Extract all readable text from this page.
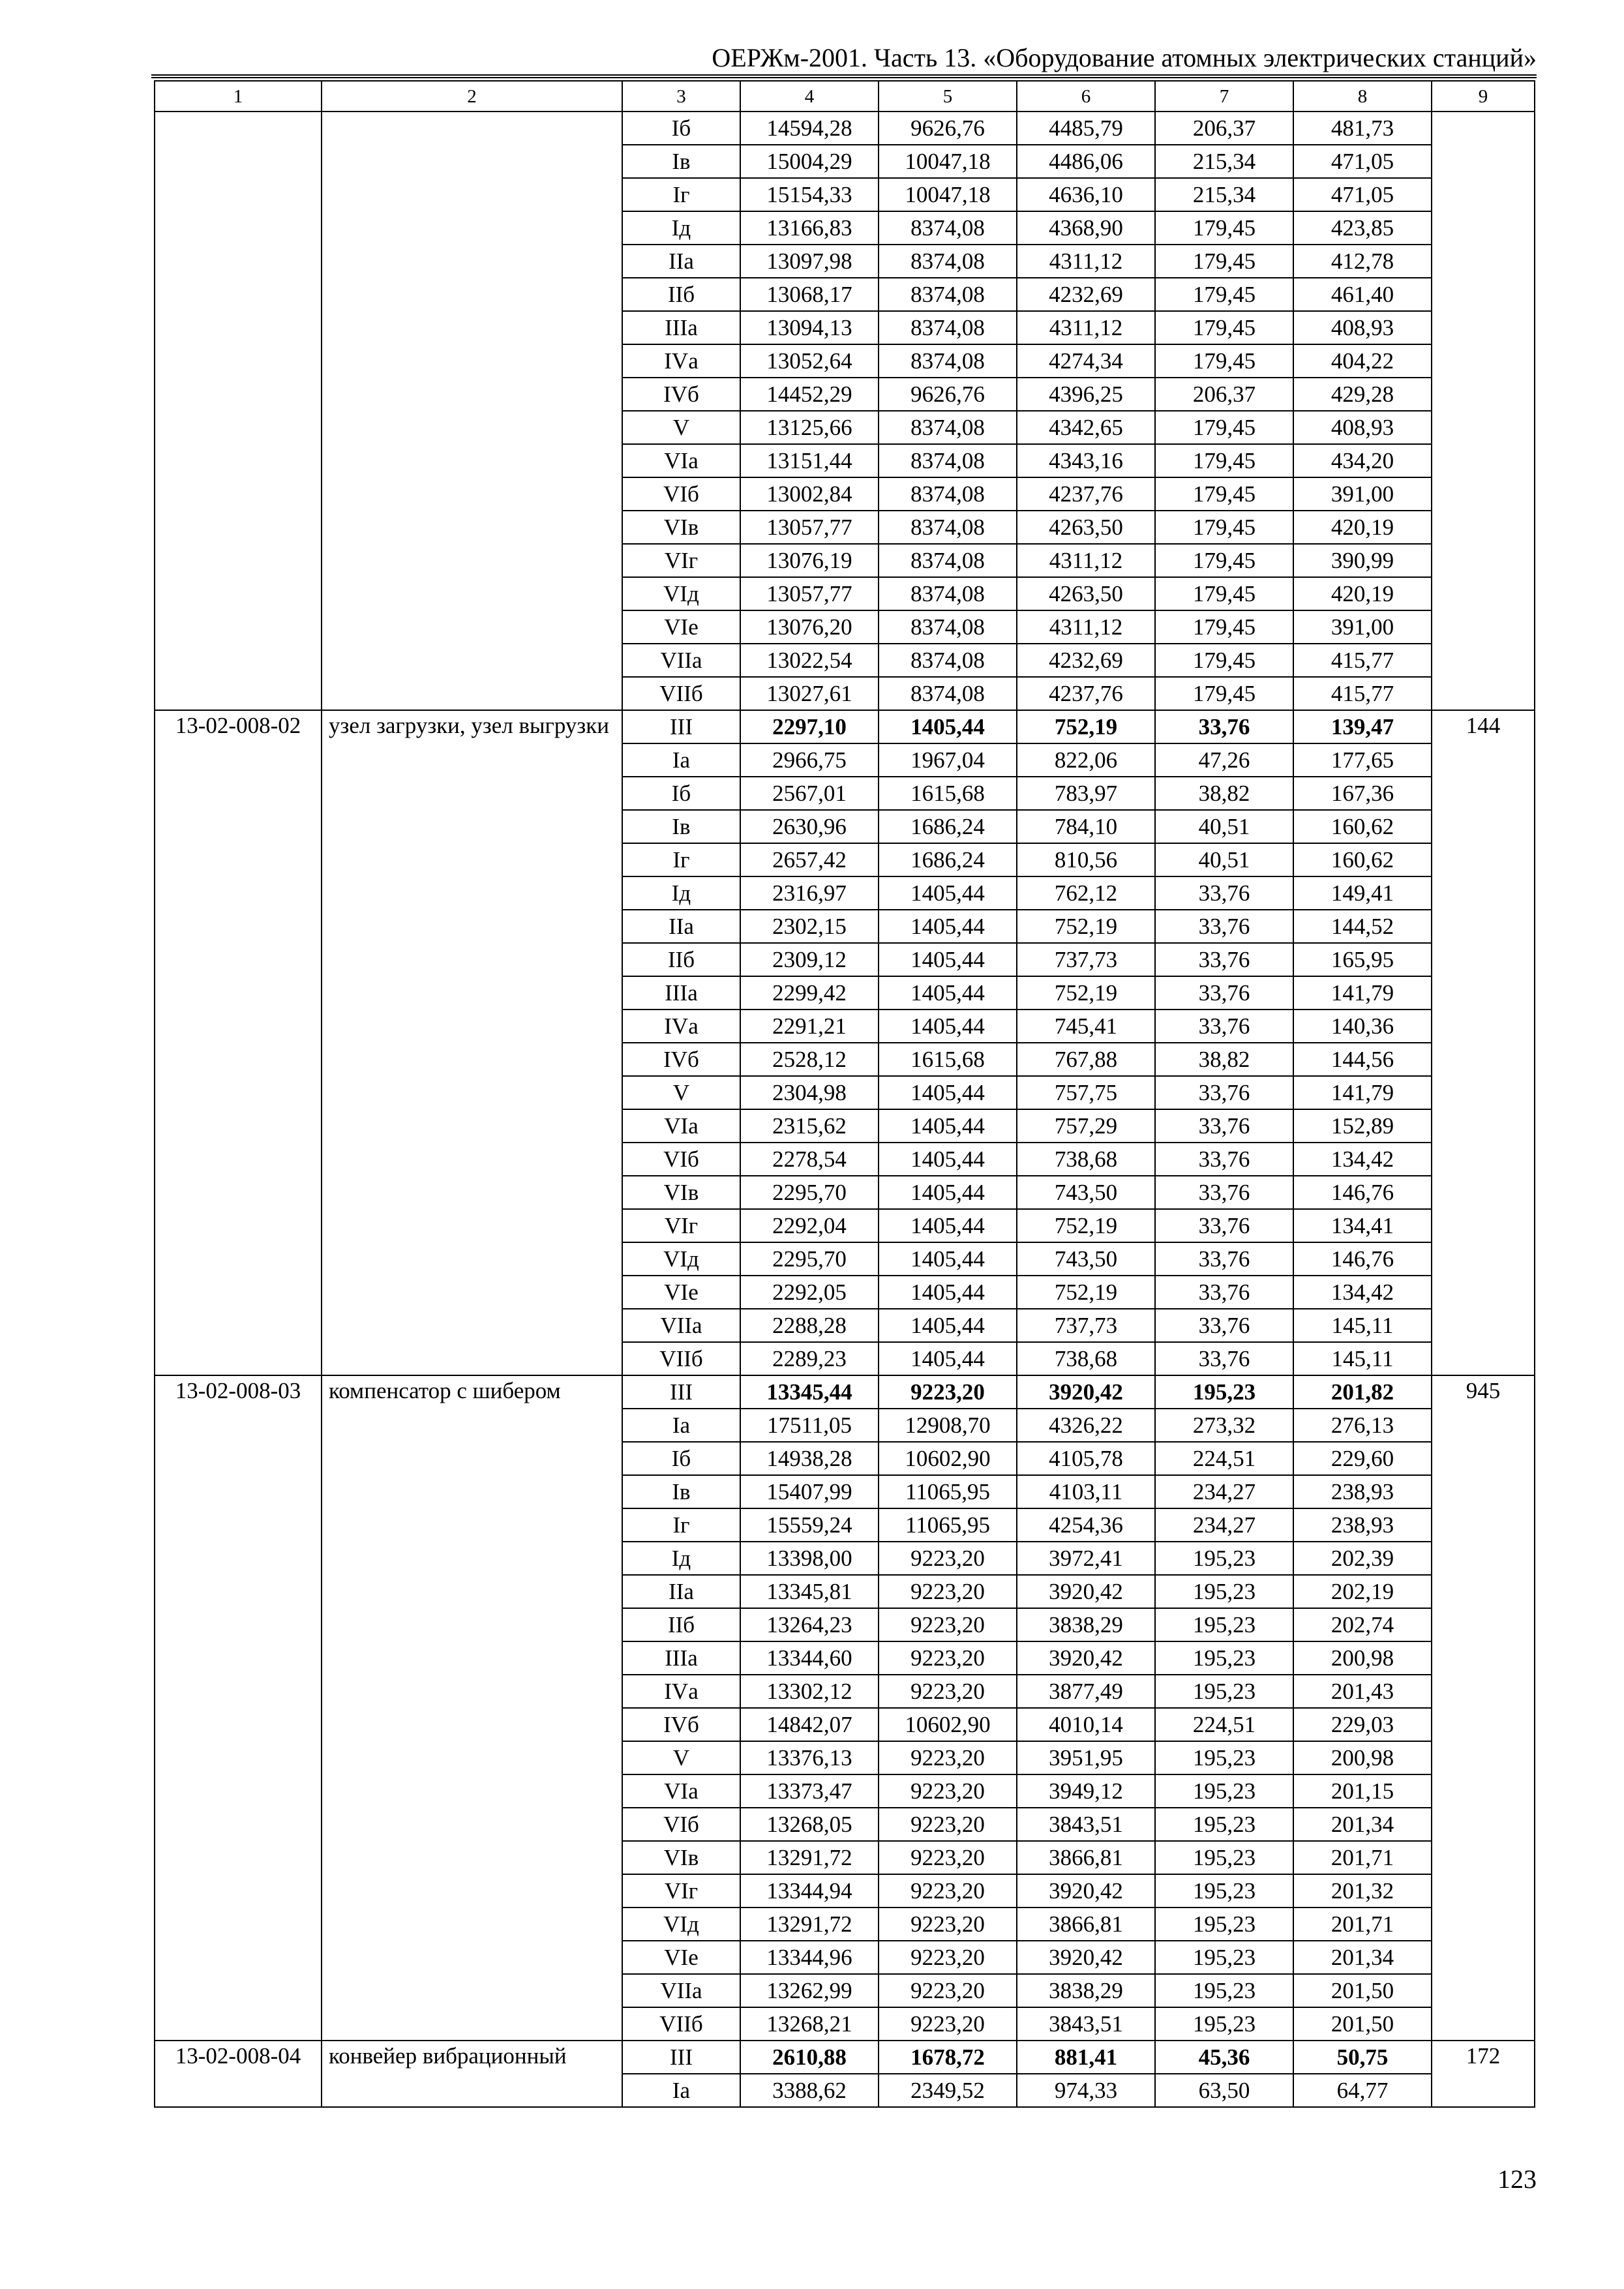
ОЕРЖм-2001. Часть 13. «Оборудование атомных электрических станций»
1	2	3	4	5	6	7	8	9
		Iб	14594,28	9626,76	4485,79	206,37	481,73	
		Iв	15004,29	10047,18	4486,06	215,34	471,05	
		Iг	15154,33	10047,18	4636,10	215,34	471,05	
		Iд	13166,83	8374,08	4368,90	179,45	423,85	
		IIа	13097,98	8374,08	4311,12	179,45	412,78	
		IIб	13068,17	8374,08	4232,69	179,45	461,40	
		IIIа	13094,13	8374,08	4311,12	179,45	408,93	
		IVа	13052,64	8374,08	4274,34	179,45	404,22	
		IVб	14452,29	9626,76	4396,25	206,37	429,28	
		V	13125,66	8374,08	4342,65	179,45	408,93	
		VIа	13151,44	8374,08	4343,16	179,45	434,20	
		VIб	13002,84	8374,08	4237,76	179,45	391,00	
		VIв	13057,77	8374,08	4263,50	179,45	420,19	
		VIг	13076,19	8374,08	4311,12	179,45	390,99	
		VIд	13057,77	8374,08	4263,50	179,45	420,19	
		VIе	13076,20	8374,08	4311,12	179,45	391,00	
		VIIа	13022,54	8374,08	4232,69	179,45	415,77	
		VIIб	13027,61	8374,08	4237,76	179,45	415,77	
13-02-008-02	узел загрузки, узел выгрузки	III	2297,10	1405,44	752,19	33,76	139,47	144
		Iа	2966,75	1967,04	822,06	47,26	177,65	
		Iб	2567,01	1615,68	783,97	38,82	167,36	
		Iв	2630,96	1686,24	784,10	40,51	160,62	
		Iг	2657,42	1686,24	810,56	40,51	160,62	
		Iд	2316,97	1405,44	762,12	33,76	149,41	
		IIа	2302,15	1405,44	752,19	33,76	144,52	
		IIб	2309,12	1405,44	737,73	33,76	165,95	
		IIIа	2299,42	1405,44	752,19	33,76	141,79	
		IVа	2291,21	1405,44	745,41	33,76	140,36	
		IVб	2528,12	1615,68	767,88	38,82	144,56	
		V	2304,98	1405,44	757,75	33,76	141,79	
		VIа	2315,62	1405,44	757,29	33,76	152,89	
		VIб	2278,54	1405,44	738,68	33,76	134,42	
		VIв	2295,70	1405,44	743,50	33,76	146,76	
		VIг	2292,04	1405,44	752,19	33,76	134,41	
		VIд	2295,70	1405,44	743,50	33,76	146,76	
		VIе	2292,05	1405,44	752,19	33,76	134,42	
		VIIа	2288,28	1405,44	737,73	33,76	145,11	
		VIIб	2289,23	1405,44	738,68	33,76	145,11	
13-02-008-03	компенсатор с шибером	III	13345,44	9223,20	3920,42	195,23	201,82	945
		Iа	17511,05	12908,70	4326,22	273,32	276,13	
		Iб	14938,28	10602,90	4105,78	224,51	229,60	
		Iв	15407,99	11065,95	4103,11	234,27	238,93	
		Iг	15559,24	11065,95	4254,36	234,27	238,93	
		Iд	13398,00	9223,20	3972,41	195,23	202,39	
		IIа	13345,81	9223,20	3920,42	195,23	202,19	
		IIб	13264,23	9223,20	3838,29	195,23	202,74	
		IIIа	13344,60	9223,20	3920,42	195,23	200,98	
		IVа	13302,12	9223,20	3877,49	195,23	201,43	
		IVб	14842,07	10602,90	4010,14	224,51	229,03	
		V	13376,13	9223,20	3951,95	195,23	200,98	
		VIа	13373,47	9223,20	3949,12	195,23	201,15	
		VIб	13268,05	9223,20	3843,51	195,23	201,34	
		VIв	13291,72	9223,20	3866,81	195,23	201,71	
		VIг	13344,94	9223,20	3920,42	195,23	201,32	
		VIд	13291,72	9223,20	3866,81	195,23	201,71	
		VIе	13344,96	9223,20	3920,42	195,23	201,34	
		VIIа	13262,99	9223,20	3838,29	195,23	201,50	
		VIIб	13268,21	9223,20	3843,51	195,23	201,50	
13-02-008-04	конвейер вибрационный	III	2610,88	1678,72	881,41	45,36	50,75	172
		Iа	3388,62	2349,52	974,33	63,50	64,77	
123
